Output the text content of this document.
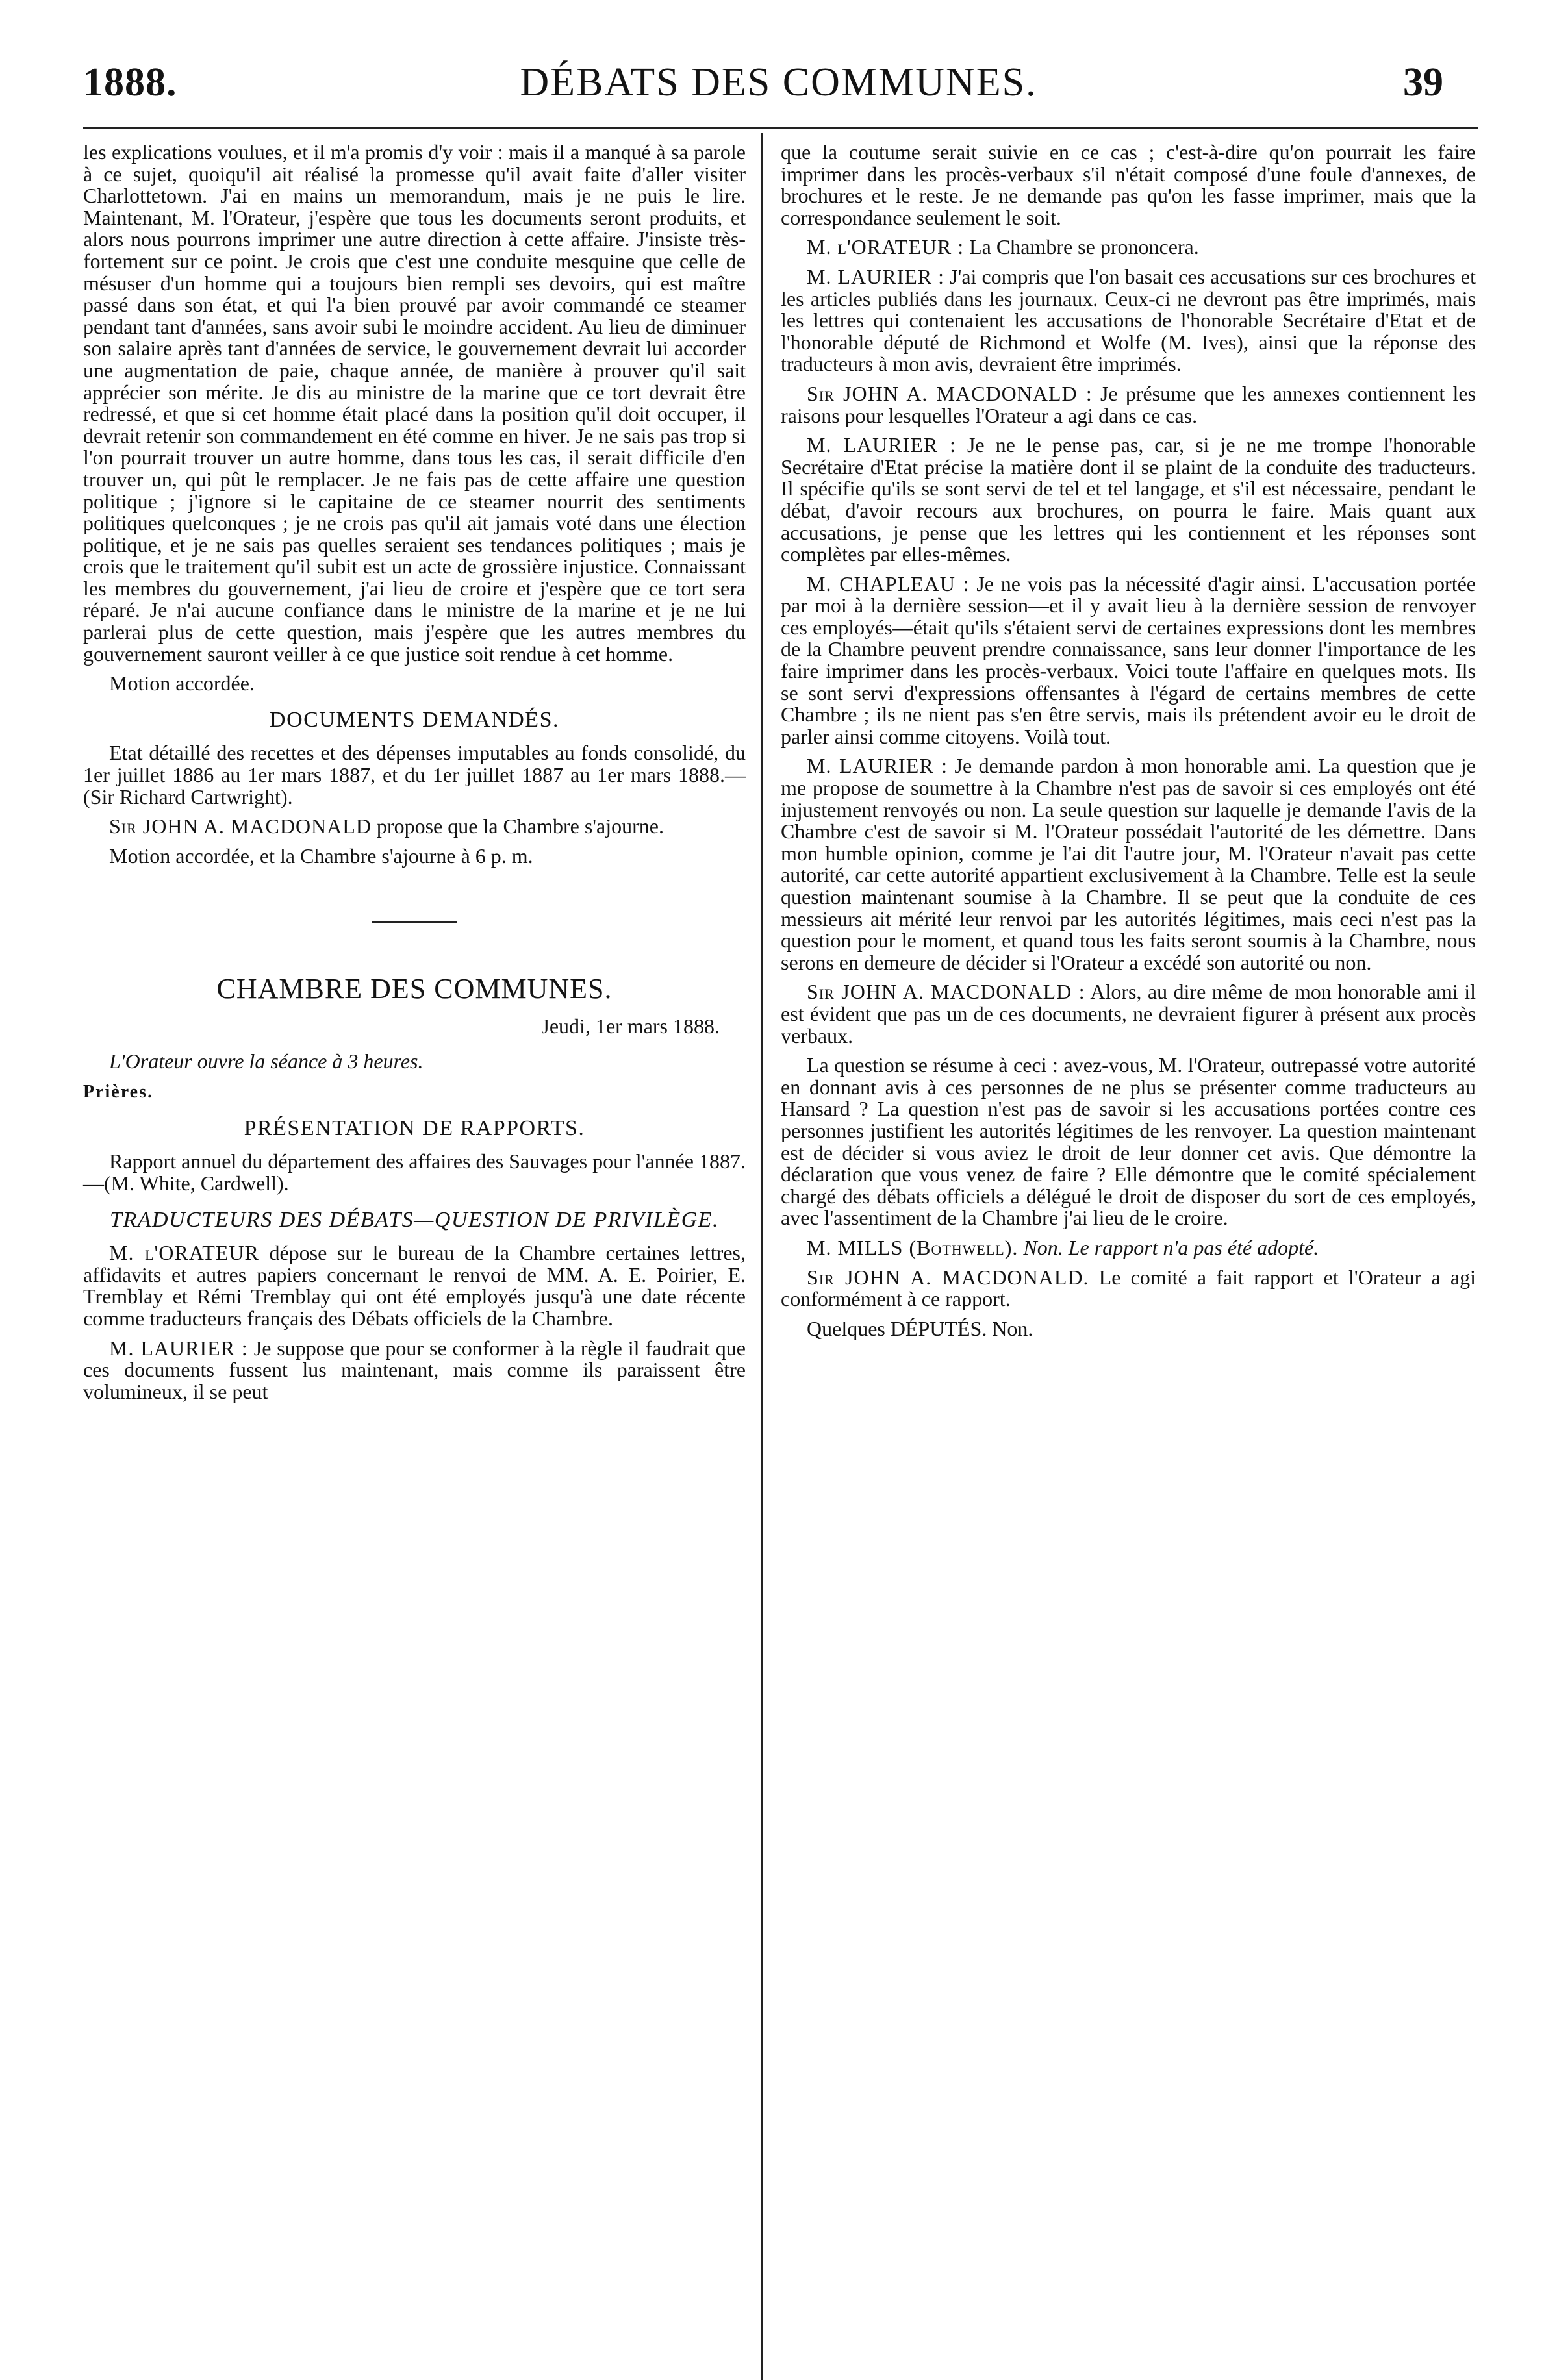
1888.	DÉBATS DES COMMUNES.	39

les explications voulues, et il m'a promis d'y voir : mais il a manqué à sa parole à ce sujet, quoiqu'il ait réalisé la promesse qu'il avait faite d'aller visiter Charlottetown. J'ai en mains un memorandum, mais je ne puis le lire. Maintenant, M. l'Orateur, j'espère que tous les documents seront produits, et alors nous pourrons imprimer une autre direction à cette affaire. J'insiste très-fortement sur ce point. Je crois que c'est une conduite mesquine que celle de mésuser d'un homme qui a toujours bien rempli ses devoirs, qui est maître passé dans son état, et qui l'a bien prouvé par avoir commandé ce steamer pendant tant d'années, sans avoir subi le moindre accident. Au lieu de diminuer son salaire après tant d'années de service, le gouvernement devrait lui accorder une augmentation de paie, chaque année, de manière à prouver qu'il sait apprécier son mérite. Je dis au ministre de la marine que ce tort devrait être redressé, et que si cet homme était placé dans la position qu'il doit occuper, il devrait retenir son commandement en été comme en hiver. Je ne sais pas trop si l'on pourrait trouver un autre homme, dans tous les cas, il serait difficile d'en trouver un, qui pût le remplacer. Je ne fais pas de cette affaire une question politique ; j'ignore si le capitaine de ce steamer nourrit des sentiments politiques quelconques ; je ne crois pas qu'il ait jamais voté dans une élection politique, et je ne sais pas quelles seraient ses tendances politiques ; mais je crois que le traitement qu'il subit est un acte de grossière injustice. Connaissant les membres du gouvernement, j'ai lieu de croire et j'espère que ce tort sera réparé. Je n'ai aucune confiance dans le ministre de la marine et je ne lui parlerai plus de cette question, mais j'espère que les autres membres du gouvernement sauront veiller à ce que justice soit rendue à cet homme.

Motion accordée.

DOCUMENTS DEMANDÉS.

Etat détaillé des recettes et des dépenses imputables au fonds consolidé, du 1er juillet 1886 au 1er mars 1887, et du 1er juillet 1887 au 1er mars 1888.—(Sir Richard Cartwright).

Sir JOHN A. MACDONALD propose que la Chambre s'ajourne.

Motion accordée, et la Chambre s'ajourne à 6 p. m.

CHAMBRE DES COMMUNES.
Jeudi, 1er mars 1888.

L'Orateur ouvre la séance à 3 heures.

Prières.
PRÉSENTATION DE RAPPORTS.

Rapport annuel du département des affaires des Sauvages pour l'année 1887.—(M. White, Cardwell).

TRADUCTEURS DES DÉBATS—QUESTION DE PRIVILÈGE.

M. l'ORATEUR dépose sur le bureau de la Chambre certaines lettres, affidavits et autres papiers concernant le renvoi de MM. A. E. Poirier, E. Tremblay et Rémi Tremblay qui ont été employés jusqu'à une date récente comme traducteurs français des Débats officiels de la Chambre.

M. LAURIER : Je suppose que pour se conformer à la règle il faudrait que ces documents fussent lus maintenant, mais comme ils paraissent être volumineux, il se peut

que la coutume serait suivie en ce cas ; c'est-à-dire qu'on pourrait les faire imprimer dans les procès-verbaux s'il n'était composé d'une foule d'annexes, de brochures et le reste. Je ne demande pas qu'on les fasse imprimer, mais que la correspondance seulement le soit.

M. l'ORATEUR : La Chambre se prononcera.

M. LAURIER : J'ai compris que l'on basait ces accusations sur ces brochures et les articles publiés dans les journaux. Ceux-ci ne devront pas être imprimés, mais les lettres qui contenaient les accusations de l'honorable Secrétaire d'Etat et de l'honorable député de Richmond et Wolfe (M. Ives), ainsi que la réponse des traducteurs à mon avis, devraient être imprimés.

Sir JOHN A. MACDONALD : Je présume que les annexes contiennent les raisons pour lesquelles l'Orateur a agi dans ce cas.

M. LAURIER : Je ne le pense pas, car, si je ne me trompe l'honorable Secrétaire d'Etat précise la matière dont il se plaint de la conduite des traducteurs. Il spécifie qu'ils se sont servi de tel et tel langage, et s'il est nécessaire, pendant le débat, d'avoir recours aux brochures, on pourra le faire. Mais quant aux accusations, je pense que les lettres qui les contiennent et les réponses sont complètes par elles-mêmes.

M. CHAPLEAU : Je ne vois pas la nécessité d'agir ainsi. L'accusation portée par moi à la dernière session—et il y avait lieu à la dernière session de renvoyer ces employés—était qu'ils s'étaient servi de certaines expressions dont les membres de la Chambre peuvent prendre connaissance, sans leur donner l'importance de les faire imprimer dans les procès-verbaux. Voici toute l'affaire en quelques mots. Ils se sont servi d'expressions offensantes à l'égard de certains membres de cette Chambre ; ils ne nient pas s'en être servis, mais ils prétendent avoir eu le droit de parler ainsi comme citoyens. Voilà tout.

M. LAURIER : Je demande pardon à mon honorable ami. La question que je me propose de soumettre à la Chambre n'est pas de savoir si ces employés ont été injustement renvoyés ou non. La seule question sur laquelle je demande l'avis de la Chambre c'est de savoir si M. l'Orateur possédait l'autorité de les démettre. Dans mon humble opinion, comme je l'ai dit l'autre jour, M. l'Orateur n'avait pas cette autorité, car cette autorité appartient exclusivement à la Chambre. Telle est la seule question maintenant soumise à la Chambre. Il se peut que la conduite de ces messieurs ait mérité leur renvoi par les autorités légitimes, mais ceci n'est pas la question pour le moment, et quand tous les faits seront soumis à la Chambre, nous serons en demeure de décider si l'Orateur a excédé son autorité ou non.

Sir JOHN A. MACDONALD : Alors, au dire même de mon honorable ami il est évident que pas un de ces documents, ne devraient figurer à présent aux procès verbaux.

La question se résume à ceci : avez-vous, M. l'Orateur, outrepassé votre autorité en donnant avis à ces personnes de ne plus se présenter comme traducteurs au Hansard ? La question n'est pas de savoir si les accusations portées contre ces personnes justifient les autorités légitimes de les renvoyer. La question maintenant est de décider si vous aviez le droit de leur donner cet avis. Que démontre la déclaration que vous venez de faire ? Elle démontre que le comité spécialement chargé des débats officiels a délégué le droit de disposer du sort de ces employés, avec l'assentiment de la Chambre j'ai lieu de le croire.

M. MILLS (Bothwell). Non. Le rapport n'a pas été adopté.

Sir JOHN A. MACDONALD. Le comité a fait rapport et l'Orateur a agi conformément à ce rapport.

Quelques DÉPUTÉS. Non.
